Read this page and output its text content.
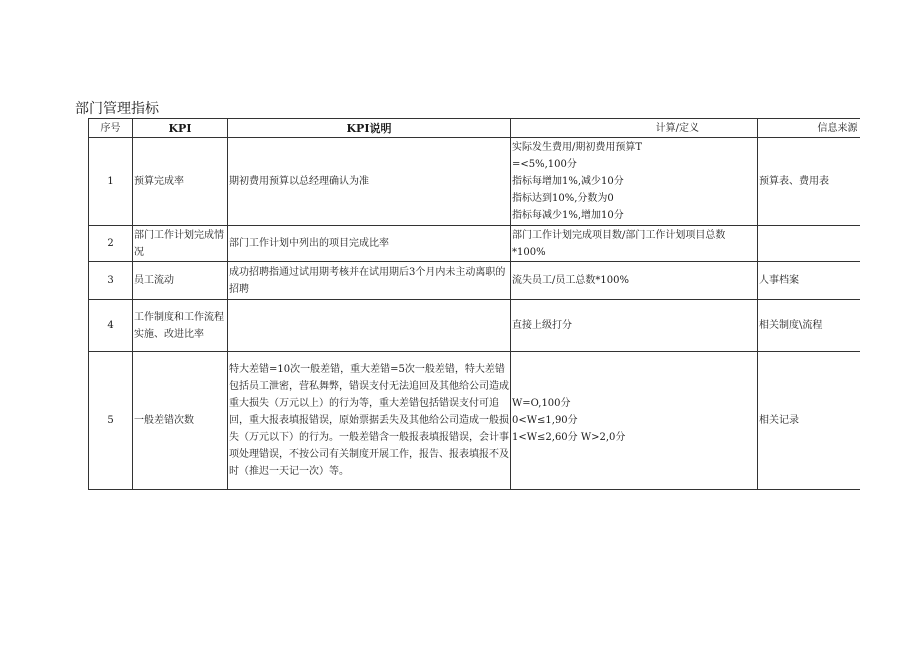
部门管理指标
序号	KPI	KPI说明	计算/定义	信息来源
1	预算完成率	期初费用预算以总经理确认为准	实际发生费用/期初费用预算T
=<5%,100分
指标每增加1%,减少10分
指标达到10%,分数为0
指标每减少1%,增加10分	预算表、费用表
2	部门工作计划完成情况	部门工作计划中列出的项目完成比率	部门工作计划完成项目数/部门工作计划项目总数
*100%	

3	员工流动	成功招聘指通过试用期考核并在试用期后3个月内未主动离职的招聘	流失员工/员工总数*100%	人事档案
4	工作制度和工作流程实施、改进比率		直接上级打分	相关制度\流程
5	一般差错次数	特大差错=10次一般差错，重大差错=5次一般差错，特大差错包括员工泄密，营私舞弊，错误支付无法追回及其他给公司造成重大损失（万元以上）的行为等，重大差错包括错误支付可追回，重大报表填报错误，原始票据丢失及其他给公司造成一般损失（万元以下）的行为。一般差错含一般报表填报错误，会计事项处理错误，不按公司有关制度开展工作，报告、报表填报不及时（推迟一天记一次）等。	W=O,100分
0<W≤1,90分
1<W≤2,60分 W>2,0分	相关记录
